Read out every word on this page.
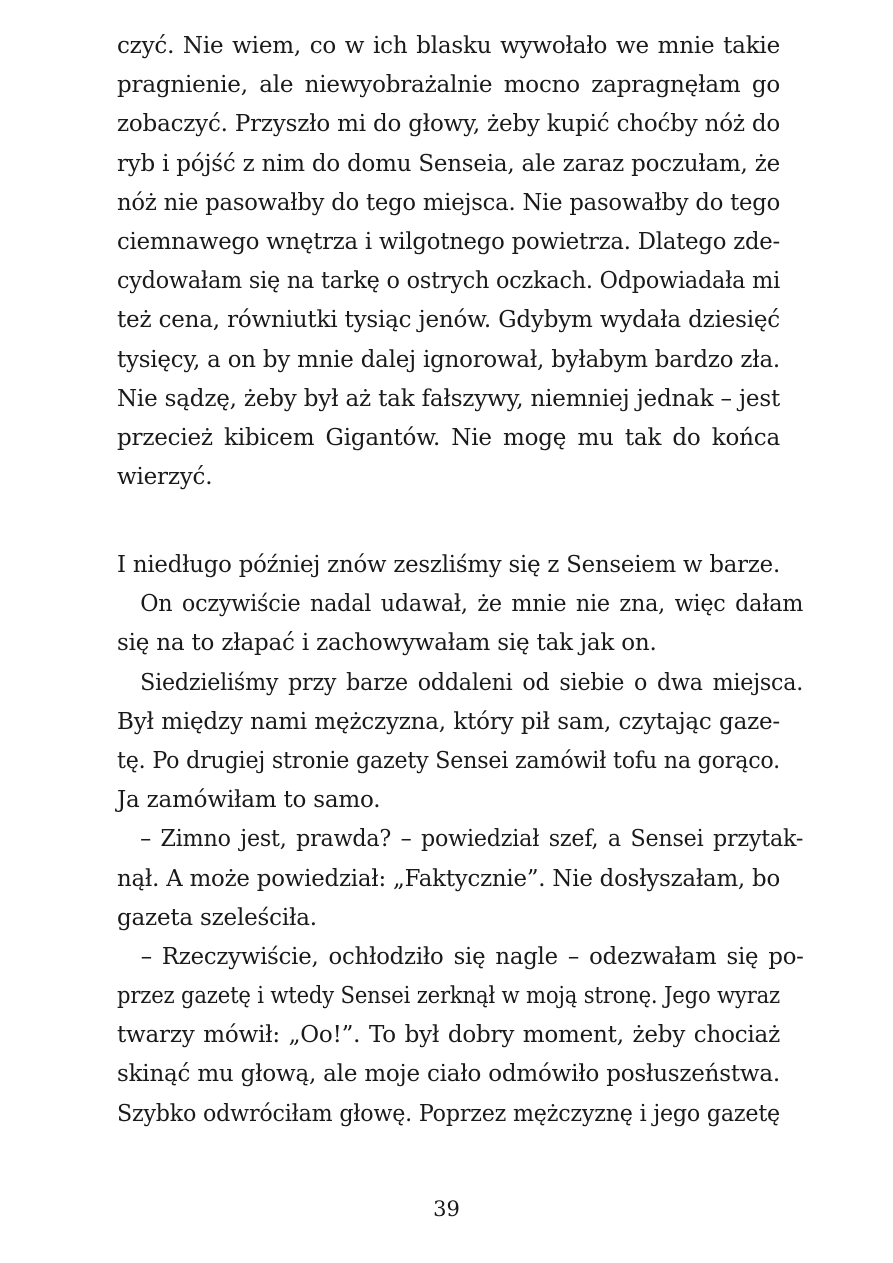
czyć. Nie wiem, co w ich blasku wywołało we mnie takie
pragnienie, ale niewyobrażalnie mocno zapragnęłam go
zobaczyć. Przyszło mi do głowy, żeby kupić choćby nóż do
ryb i pójść z nim do domu Senseia, ale zaraz poczułam, że
nóż nie pasowałby do tego miejsca. Nie pasowałby do tego
ciemnawego wnętrza i wilgotnego powietrza. Dlatego zde-
cydowałam się na tarkę o ostrych oczkach. Odpowiadała mi
też cena, równiutki tysiąc jenów. Gdybym wydała dziesięć
tysięcy, a on by mnie dalej ignorował, byłabym bardzo zła.
Nie sądzę, żeby był aż tak fałszywy, niemniej jednak – jest
przecież kibicem Gigantów. Nie mogę mu tak do końca
wierzyć.
I niedługo później znów zeszliśmy się z Senseiem w barze.
On oczywiście nadal udawał, że mnie nie zna, więc dałam
się na to złapać i zachowywałam się tak jak on.
Siedzieliśmy przy barze oddaleni od siebie o dwa miejsca.
Był między nami mężczyzna, który pił sam, czytając gaze-
tę. Po drugiej stronie gazety Sensei zamówił tofu na gorąco.
Ja zamówiłam to samo.
– Zimno jest, prawda? – powiedział szef, a Sensei przytak-
nął. A może powiedział: „Faktycznie”. Nie dosłyszałam, bo
gazeta szeleściła.
– Rzeczywiście, ochłodziło się nagle – odezwałam się po-
przez gazetę i wtedy Sensei zerknął w moją stronę. Jego wyraz
twarzy mówił: „Oo!”. To był dobry moment, żeby chociaż
skinąć mu głową, ale moje ciało odmówiło posłuszeństwa.
Szybko odwróciłam głowę. Poprzez mężczyznę i jego gazetę
39
